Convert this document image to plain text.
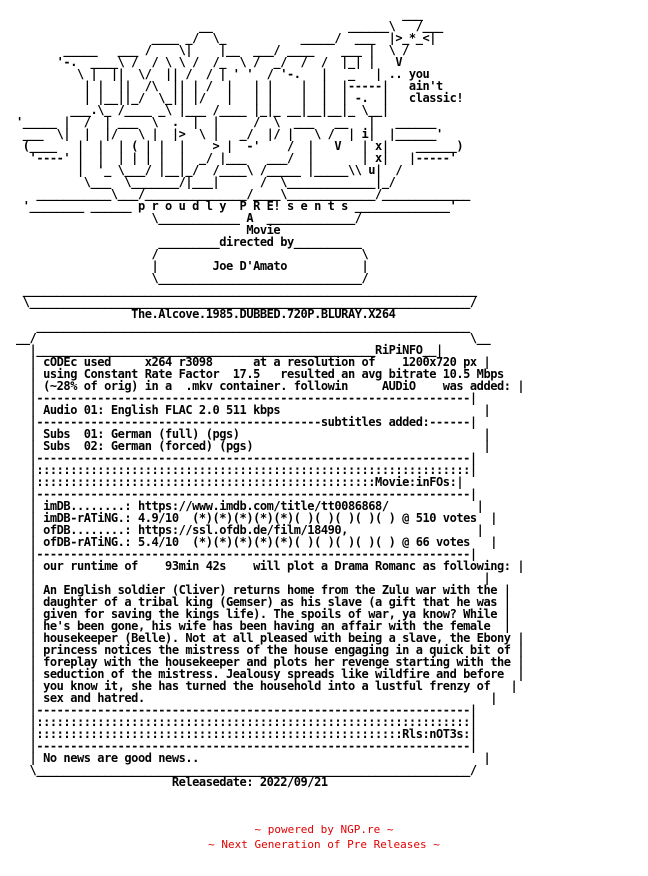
___
__                    ______\   /___
____ _/  \_           _____/  ___  |>_*_<|
_____   ___ /    \|    |__  ___/ ____    ___ |  \ /
'-.  ____\ /  / \ \ /  /_  \ /  _/  /  /  |_| |   V
\ |  ||  \/  || /  / | ' '  / '-.   |   _   | .. you
| |  ||  /\  || | /  |   | |    |  |  |-----|   ain't
| |__||_/  \_|| |/   |   | |    |  |  | -.  |   classic!
___.\_ /____ _\ |___ /____ |_|_ __|__|__|_ \__|
'_____ |  /  | ___  \  .  |  |     /  \  ___   __   |   ______
___  \|  |  |/   \ |  |>  \ |   _/  |/ |   \ /  | i|  |______'
(____   |  |  | ( | |  |    > |  -'    /  |   V   | x|    ______)
'----' |  |  | | | |  |  _/ |___   ___/  |       | x|   |-----'
|  '_ \___/ |__|_/  /____\ /_____ |_____\\ u|  /
\___  \_______/|___|      /  \_____________|_/
___________\___/_______________/____\_____________/_____________
'________ ______ p r o u d l y  P R E! s e n t s ______________'
\____________ A  _____________/
Movie
_________directed by__________
/                              \
|        Joe D'Amato           |
\______________________________/
___________________________________________________________________
\_________________________________________________________________/
The.Alcove.1985.DUBBED.720P.BLURAY.X264
________________________________________________________________
__/                                                                \__
|__________________________________________________RiPiNFO__|
| cODEc used     x264 r3098      at a resolution of    1200x720 px |
| using Constant Rate Factor  17.5   resulted an avg bitrate 10.5 Mbps
| (~28% of orig) in a  .mkv container. followin     AUDiO    was added: |
|----------------------------------------------------------------|
| Audio 01: English FLAC 2.0 511 kbps                              |
|------------------------------------------subtitles added:------|
| Subs  01: German (full) (pgs)                                    |
| Subs  02: German (forced) (pgs)                                  |
|----------------------------------------------------------------|
|::::::::::::::::::::::::::::::::::::::::::::::::::::::::::::::::|
|::::::::::::::::::::::::::::::::::::::::::::::::::Movie:inFOs:|
|----------------------------------------------------------------|
| imDB........: https://www.imdb.com/title/tt0086868/             |
| imDB-rATiNG.: 4.9/10  (*)(*)(*)(*)(*)( )( )( )( )( ) @ 510 votes  |
| ofDB........: https://ssl.ofdb.de/film/18490,                   |
| ofDB-rATiNG.: 5.4/10  (*)(*)(*)(*)(*)( )( )( )( )( ) @ 66 votes   |
|----------------------------------------------------------------|
| our runtime of    93min 42s    will plot a Drama Romanc as following: |
|                                                                  |
| An English soldier (Cliver) returns home from the Zulu war with the |
| daughter of a tribal king (Gemser) as his slave (a gift that he was |
| given for saving the kings life). The spoils of war, ya know? While |
| he's been gone, his wife has been having an affair with the female  |
| housekeeper (Belle). Not at all pleased with being a slave, the Ebony |
| princess notices the mistress of the house engaging in a quick bit of |
| foreplay with the housekeeper and plots her revenge starting with the |
| seduction of the mistress. Jealousy spreads like wildfire and before  |
| you know it, she has turned the household into a lustful frenzy of   |
| sex and hatred.                                                   |
|----------------------------------------------------------------|
|::::::::::::::::::::::::::::::::::::::::::::::::::::::::::::::::|
|::::::::::::::::::::::::::::::::::::::::::::::::::::::Rls:nOT3s:|
|----------------------------------------------------------------|
| No news are good news..                                          |
\________________________________________________________________/
Releasedate: 2022/09/21
~ powered by NGP.re ~
~ Next Generation of Pre Releases ~
